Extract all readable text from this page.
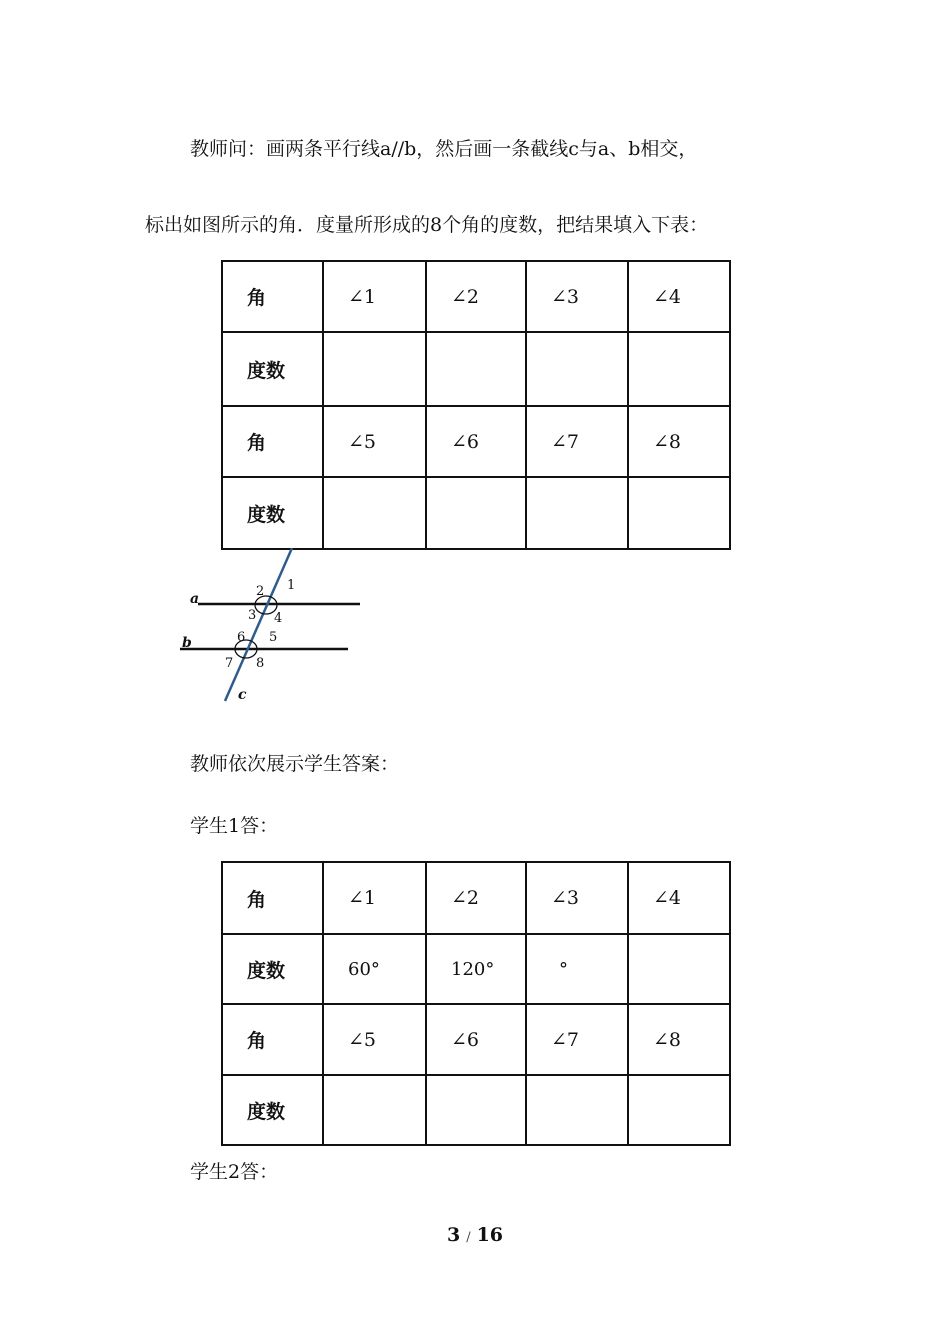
教师问：画两条平行线a//b，然后画一条截线c与a、b相交，

标出如图所示的角．度量所形成的8个角的度数，把结果填入下表：

角	∠1	∠2	∠3	∠4
度数				
角	∠5	∠6	∠7	∠8
度数				
a
b
c
1
2
3 4
5
6
7 8

教师依次展示学生答案：

学生1答：

角	∠1	∠2	∠3	∠4
度数	60°	120°	°	
角	∠5	∠6	∠7	∠8
度数				

学生2答：

3 / 16
